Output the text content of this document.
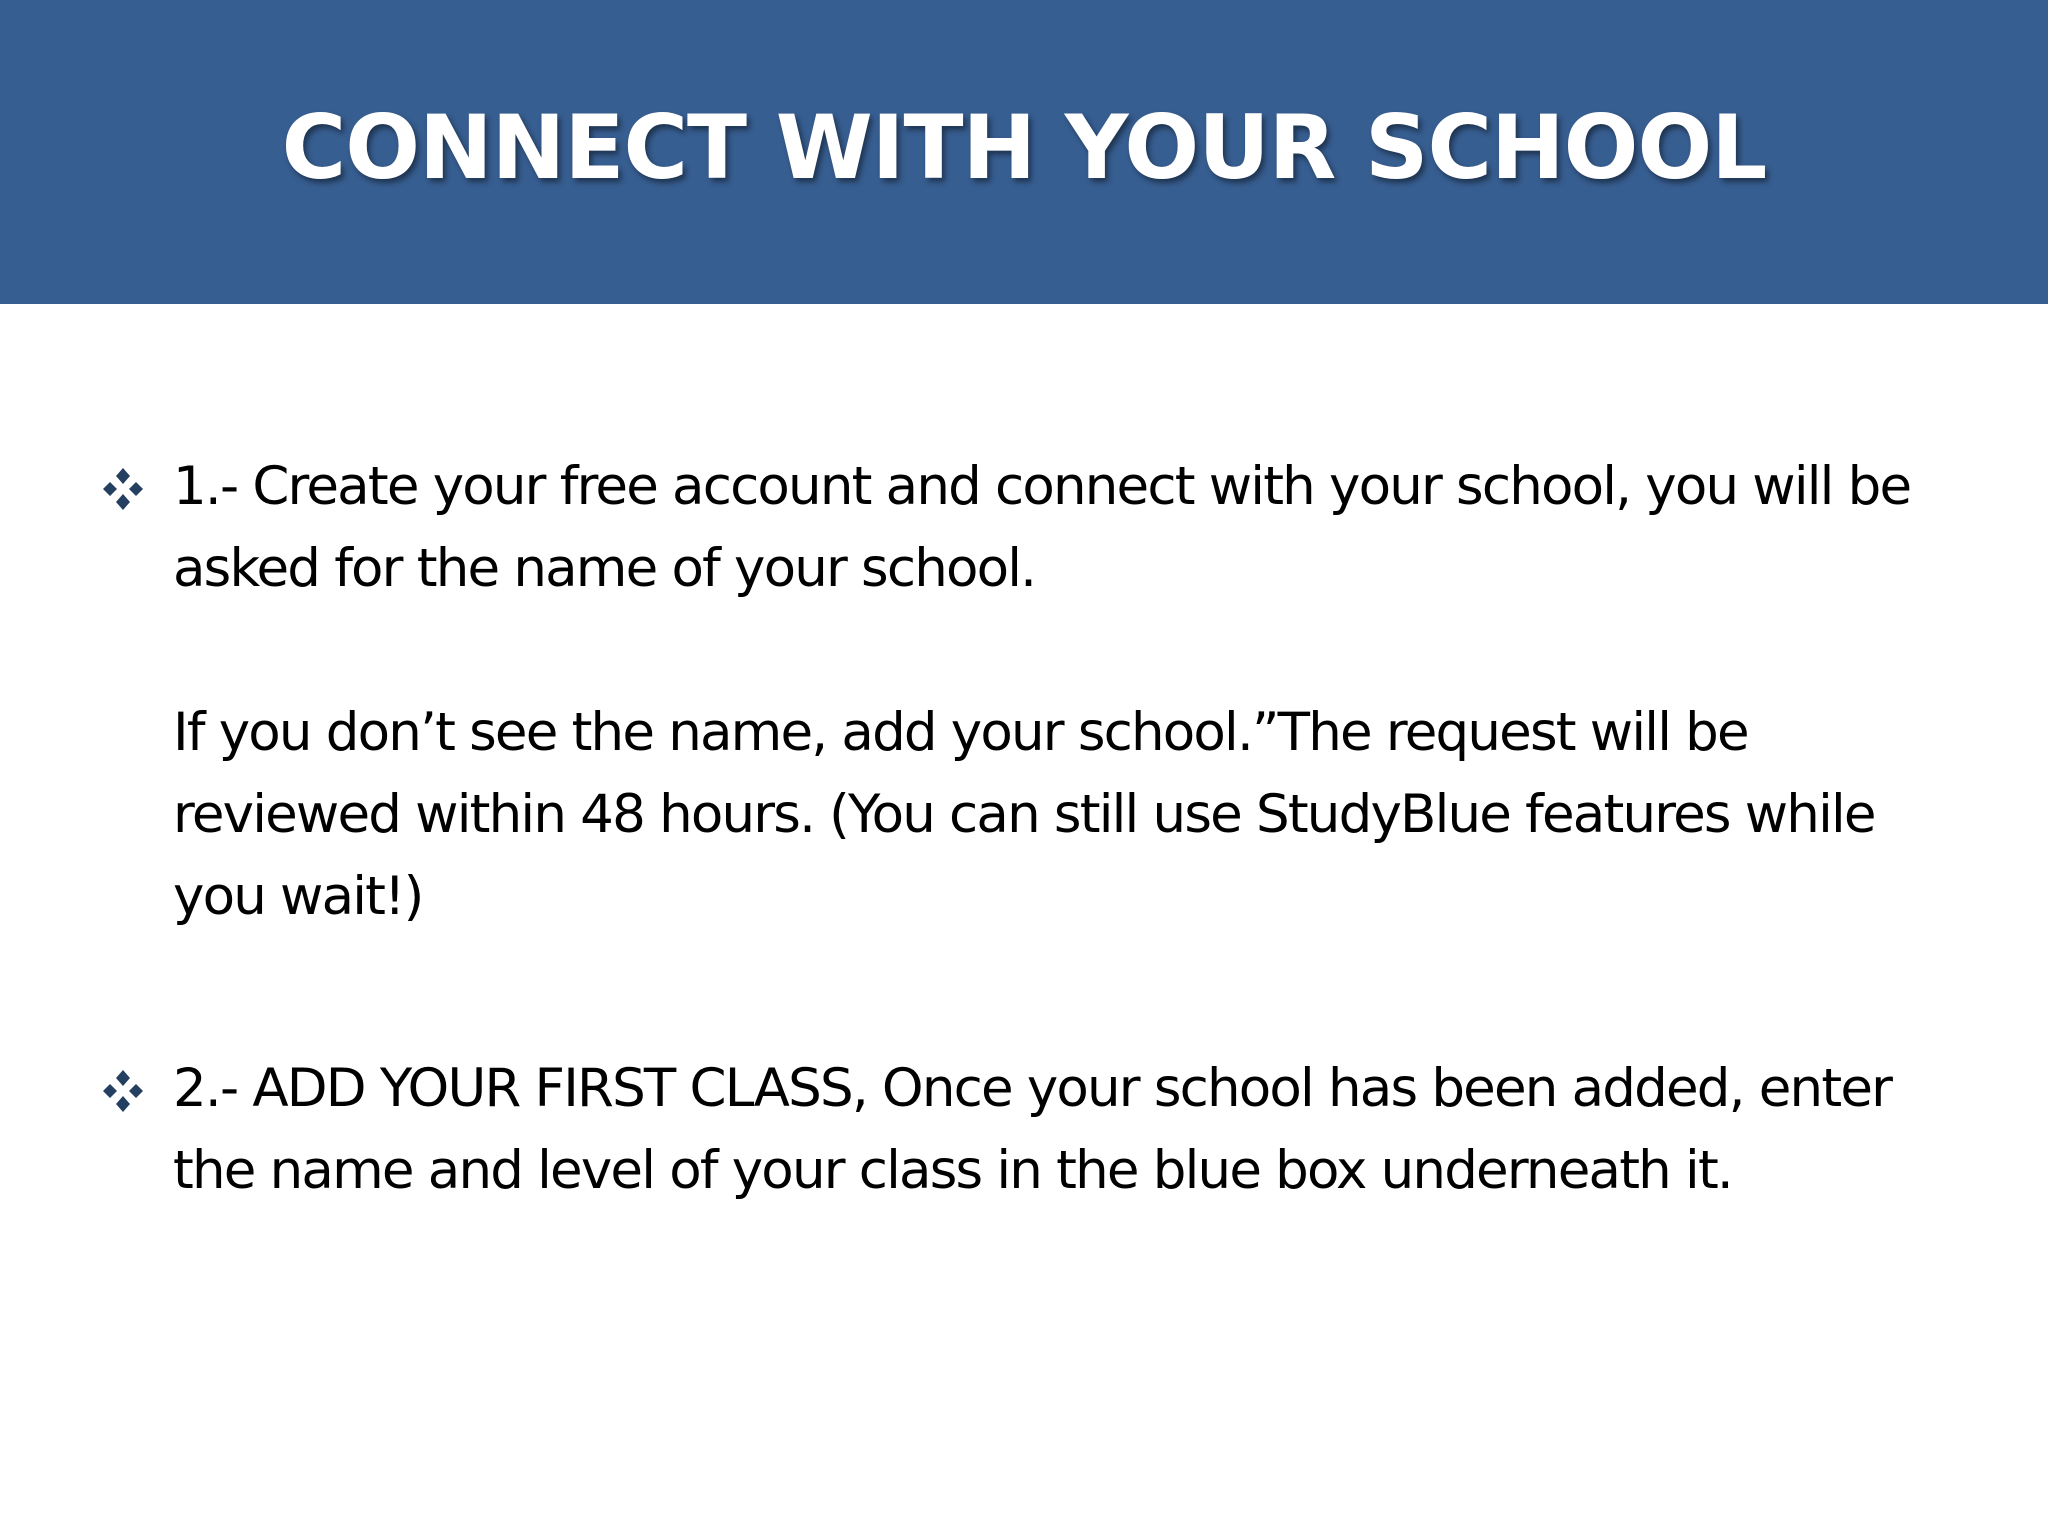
CONNECT WITH YOUR SCHOOL

1.- Create your free account and connect with your school, you will be asked for the name of your school.

If you don’t see the name, add your school.”The request will be reviewed within 48 hours. (You can still use StudyBlue features while you wait!)

2.- ADD YOUR FIRST CLASS, Once your school has been added, enter the name and level of your class in the blue box underneath it.
